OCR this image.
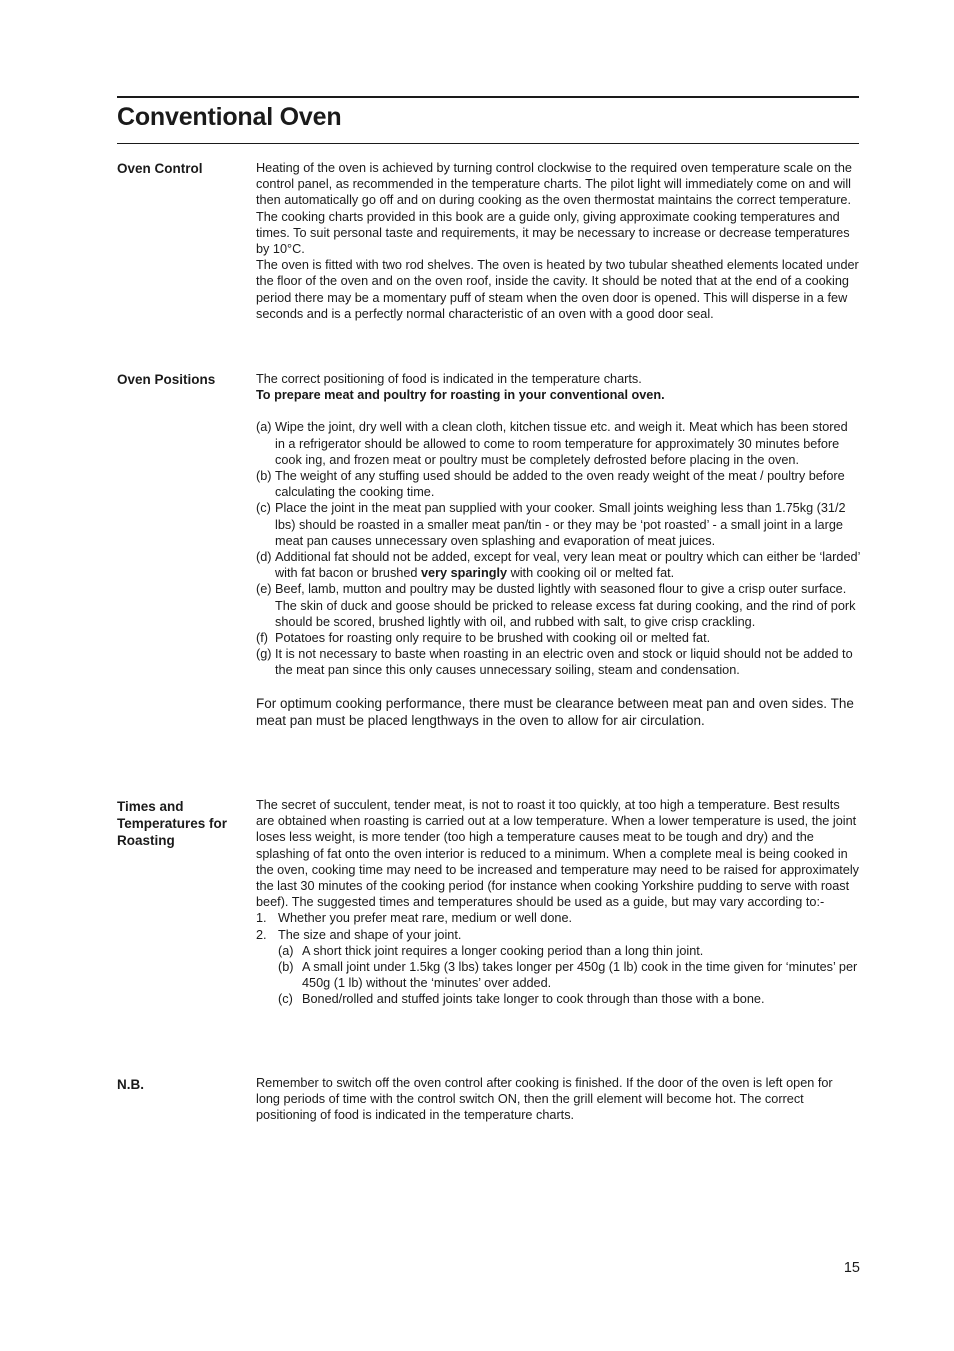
Conventional Oven
Oven Control	Heating of the oven is achieved by turning control clockwise to the required oven temperature scale on the control panel, as recommended in the temperature charts. The pilot light will immediately come on and will then automatically go off and on during cooking as the oven thermostat maintains the correct temperature.

The cooking charts provided in this book are a guide only, giving approximate cooking temperatures and times. To suit personal taste and requirements, it may be necessary to increase or decrease temperatures by 10°C.

The oven is fitted with two rod shelves. The oven is heated by two tubular sheathed elements located under the floor of the oven and on the oven roof, inside the cavity. It should be noted that at the end of a cooking period there may be a momentary puff of steam when the oven door is opened. This will disperse in a few seconds and is a perfectly normal characteristic of an oven with a good door seal.

Oven Positions	The correct positioning of food is indicated in the temperature charts.

To prepare meat and poultry for roasting in your conventional oven.

(a) Wipe the joint, dry well with a clean cloth, kitchen tissue etc. and weigh it. Meat which has been stored in a refrigerator should be allowed to come to room temperature for approximately 30 minutes before cook ing, and frozen meat or poultry must be completely defrosted before placing in the oven.
(b) The weight of any stuffing used should be added to the oven ready weight of the meat / poultry before calculating the cooking time.
(c) Place the joint in the meat pan supplied with your cooker. Small joints weighing less than 1.75kg (31/2 lbs) should be roasted in a smaller meat pan/tin - or they may be ‘pot roasted’ - a small joint in a large meat pan causes unnecessary oven splashing and evaporation of meat juices.
(d) Additional fat should not be added, except for veal, very lean meat or poultry which can either be ‘larded’ with fat bacon or brushed very sparingly with cooking oil or melted fat.
(e) Beef, lamb, mutton and poultry may be dusted lightly with seasoned flour to give a crisp outer surface. The skin of duck and goose should be pricked to release excess fat during cooking, and the rind of pork should be scored, brushed lightly with oil, and rubbed with salt, to give crisp crackling.
(f) Potatoes for roasting only require to be brushed with cooking oil or melted fat.
(g) It is not necessary to baste when roasting in an electric oven and stock or liquid should not be added to the meat pan since this only causes unnecessary soiling, steam and condensation.

For optimum cooking performance, there must be clearance between meat pan and oven sides. The meat pan must be placed lengthways in the oven to allow for air circulation.

Times and Temperatures for Roasting

The secret of succulent, tender meat, is not to roast it too quickly, at too high a temperature. Best results are obtained when roasting is carried out at a low temperature. When a lower temperature is used, the joint loses less weight, is more tender (too high a temperature causes meat to be tough and dry) and the splashing of fat onto the oven interior is reduced to a minimum. When a complete meal is being cooked in the oven, cooking time may need to be increased and temperature may need to be raised for approximately the last 30 minutes of the cooking period (for instance when cooking Yorkshire pudding to serve with roast beef). The suggested times and temperatures should be used as a guide, but may vary according to:-

1. Whether you prefer meat rare, medium or well done.
2. The size and shape of your joint.
(a) A short thick joint requires a longer cooking period than a long thin joint.
(b) A small joint under 1.5kg (3 lbs) takes longer per 450g (1 lb) cook in the time given for ‘minutes’ per 450g (1 lb) without the ‘minutes’ over added.
(c) Boned/rolled and stuffed joints take longer to cook through than those with a bone.
N.B.	Remember to switch off the oven control after cooking is finished. If the door of the oven is left open for long periods of time with the control switch ON, then the grill element will become hot. The correct positioning of food is indicated in the temperature charts.

15
